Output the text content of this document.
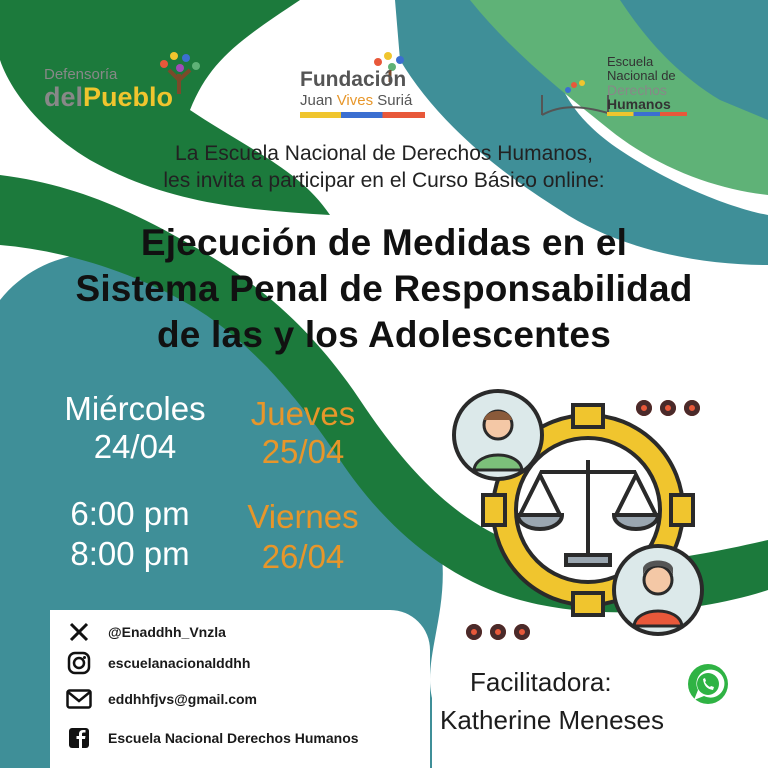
Defensoría
delPueblo
Fundación
Juan Vives Suriá
Escuela
Nacional de
Derechos
Humanos
La Escuela Nacional de Derechos Humanos,
les invita a participar en el Curso Básico online:
Ejecución de Medidas en el
Sistema Penal de Responsabilidad
de las y los Adolescentes
Miércoles
24/04
Jueves
25/04
6:00 pm
8:00 pm
Viernes
26/04
Facilitadora:
Katherine Meneses
@Enaddhh_Vnzla
escuelanacionalddhh
eddhhfjvs@gmail.com
Escuela Nacional Derechos Humanos
